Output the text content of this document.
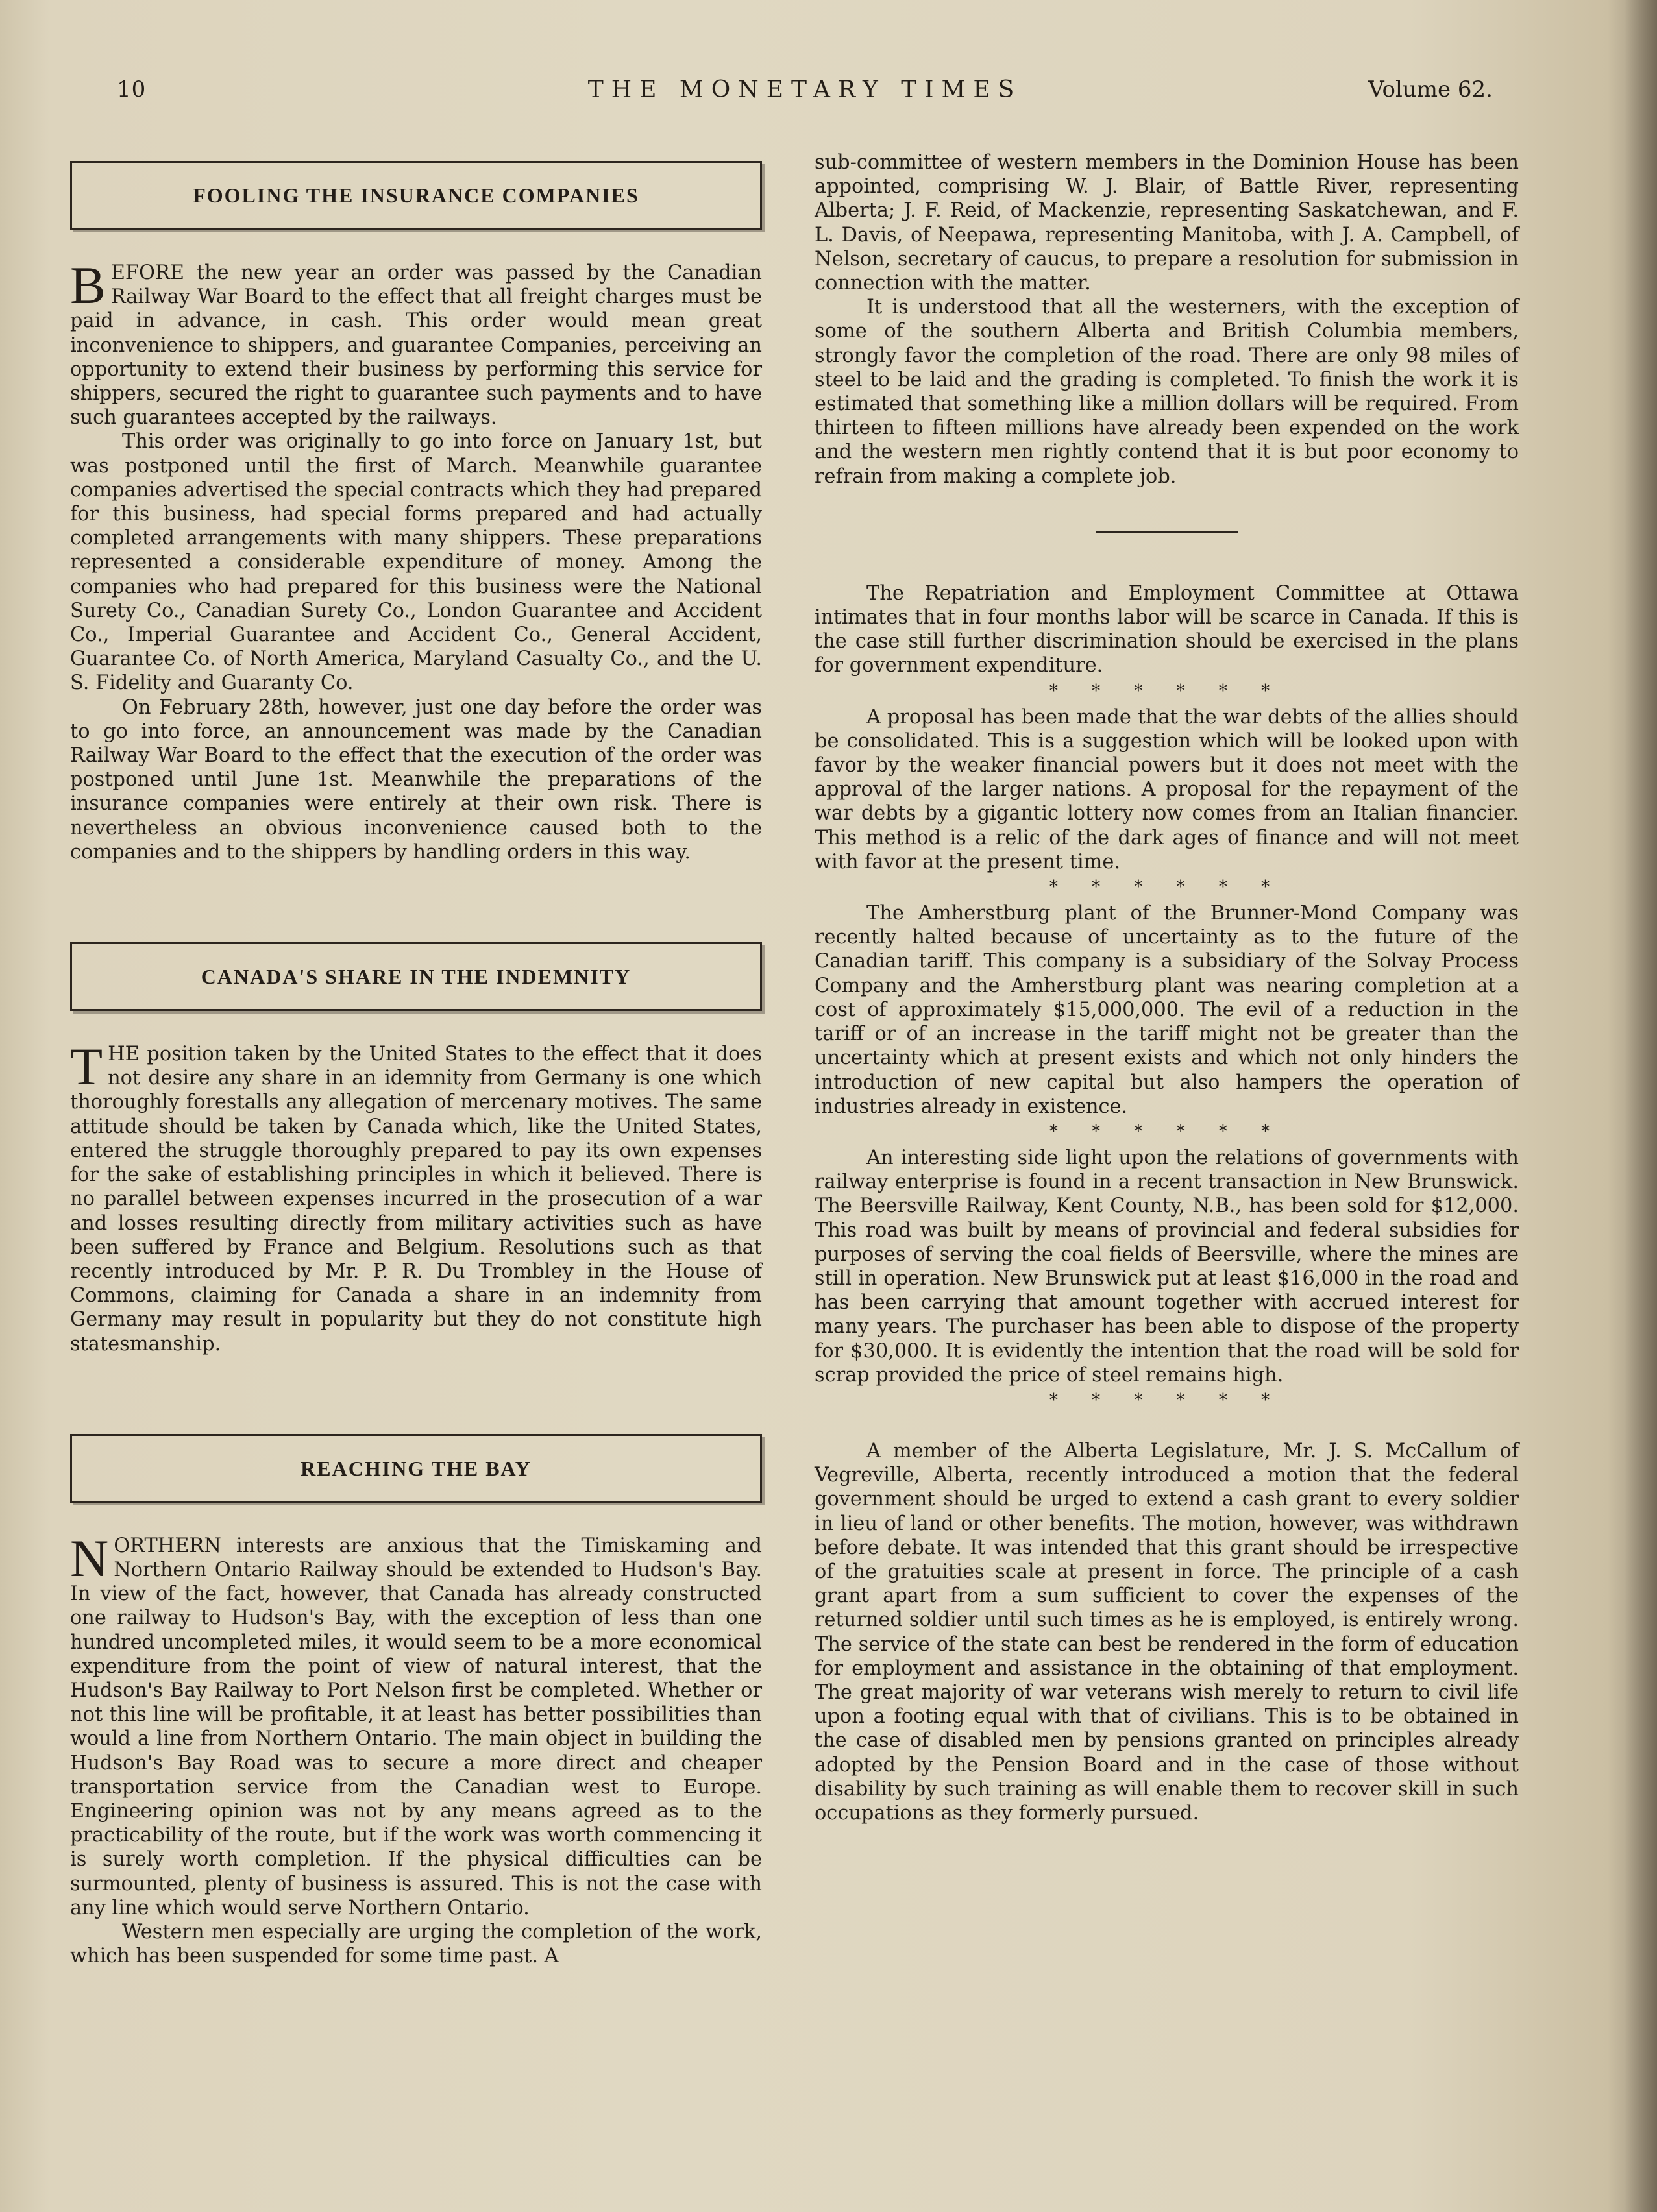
10	THE MONETARY TIMES	Volume 62.
FOOLING THE INSURANCE COMPANIES

BEFORE the new year an order was passed by the Canadian Railway War Board to the effect that all freight charges must be paid in advance, in cash. This order would mean great inconvenience to shippers, and guarantee Companies, perceiving an opportunity to extend their business by performing this service for shippers, secured the right to guarantee such payments and to have such guarantees accepted by the railways.

This order was originally to go into force on January 1st, but was postponed until the first of March. Meanwhile guarantee companies advertised the special contracts which they had prepared for this business, had special forms prepared and had actually completed arrangements with many shippers. These preparations represented a considerable expenditure of money. Among the companies who had prepared for this business were the National Surety Co., Canadian Surety Co., London Guarantee and Accident Co., Imperial Guarantee and Accident Co., General Accident, Guarantee Co. of North America, Maryland Casualty Co., and the U. S. Fidelity and Guaranty Co.

On February 28th, however, just one day before the order was to go into force, an announcement was made by the Canadian Railway War Board to the effect that the execution of the order was postponed until June 1st. Meanwhile the preparations of the insurance companies were entirely at their own risk. There is nevertheless an obvious inconvenience caused both to the companies and to the shippers by handling orders in this way.

CANADA'S SHARE IN THE INDEMNITY

THE position taken by the United States to the effect that it does not desire any share in an idemnity from Germany is one which thoroughly forestalls any allegation of mercenary motives. The same attitude should be taken by Canada which, like the United States, entered the struggle thoroughly prepared to pay its own expenses for the sake of establishing principles in which it believed. There is no parallel between expenses incurred in the prosecution of a war and losses resulting directly from military activities such as have been suffered by France and Belgium. Resolutions such as that recently introduced by Mr. P. R. Du Trombley in the House of Commons, claiming for Canada a share in an indemnity from Germany may result in popularity but they do not constitute high statesmanship.

REACHING THE BAY

NORTHERN interests are anxious that the Timiskaming and Northern Ontario Railway should be extended to Hudson's Bay. In view of the fact, however, that Canada has already constructed one railway to Hudson's Bay, with the exception of less than one hundred uncompleted miles, it would seem to be a more economical expenditure from the point of view of natural interest, that the Hudson's Bay Railway to Port Nelson first be completed. Whether or not this line will be profitable, it at least has better possibilities than would a line from Northern Ontario. The main object in building the Hudson's Bay Road was to secure a more direct and cheaper transportation service from the Canadian west to Europe. Engineering opinion was not by any means agreed as to the practicability of the route, but if the work was worth commencing it is surely worth completion. If the physical difficulties can be surmounted, plenty of business is assured. This is not the case with any line which would serve Northern Ontario.

Western men especially are urging the completion of the work, which has been suspended for some time past. A

sub-committee of western members in the Dominion House has been appointed, comprising W. J. Blair, of Battle River, representing Alberta; J. F. Reid, of Mackenzie, representing Saskatchewan, and F. L. Davis, of Neepawa, representing Manitoba, with J. A. Campbell, of Nelson, secretary of caucus, to prepare a resolution for submission in connection with the matter.

It is understood that all the westerners, with the exception of some of the southern Alberta and British Columbia members, strongly favor the completion of the road. There are only 98 miles of steel to be laid and the grading is completed. To finish the work it is estimated that something like a million dollars will be required. From thirteen to fifteen millions have already been expended on the work and the western men rightly contend that it is but poor economy to refrain from making a complete job.

The Repatriation and Employment Committee at Ottawa intimates that in four months labor will be scarce in Canada. If this is the case still further discrimination should be exercised in the plans for government expenditure.

* * * * * *

A proposal has been made that the war debts of the allies should be consolidated. This is a suggestion which will be looked upon with favor by the weaker financial powers but it does not meet with the approval of the larger nations. A proposal for the repayment of the war debts by a gigantic lottery now comes from an Italian financier. This method is a relic of the dark ages of finance and will not meet with favor at the present time.

* * * * * *

The Amherstburg plant of the Brunner-Mond Company was recently halted because of uncertainty as to the future of the Canadian tariff. This company is a subsidiary of the Solvay Process Company and the Amherstburg plant was nearing completion at a cost of approximately $15,000,000. The evil of a reduction in the tariff or of an increase in the tariff might not be greater than the uncertainty which at present exists and which not only hinders the introduction of new capital but also hampers the operation of industries already in existence.

* * * * * *

An interesting side light upon the relations of governments with railway enterprise is found in a recent transaction in New Brunswick. The Beersville Railway, Kent County, N.B., has been sold for $12,000. This road was built by means of provincial and federal subsidies for purposes of serving the coal fields of Beersville, where the mines are still in operation. New Brunswick put at least $16,000 in the road and has been carrying that amount together with accrued interest for many years. The purchaser has been able to dispose of the property for $30,000. It is evidently the intention that the road will be sold for scrap provided the price of steel remains high.

* * * * * *

A member of the Alberta Legislature, Mr. J. S. McCallum of Vegreville, Alberta, recently introduced a motion that the federal government should be urged to extend a cash grant to every soldier in lieu of land or other benefits. The motion, however, was withdrawn before debate. It was intended that this grant should be irrespective of the gratuities scale at present in force. The principle of a cash grant apart from a sum sufficient to cover the expenses of the returned soldier until such times as he is employed, is entirely wrong. The service of the state can best be rendered in the form of education for employment and assistance in the obtaining of that employment. The great majority of war veterans wish merely to return to civil life upon a footing equal with that of civilians. This is to be obtained in the case of disabled men by pensions granted on principles already adopted by the Pension Board and in the case of those without disability by such training as will enable them to recover skill in such occupations as they formerly pursued.
